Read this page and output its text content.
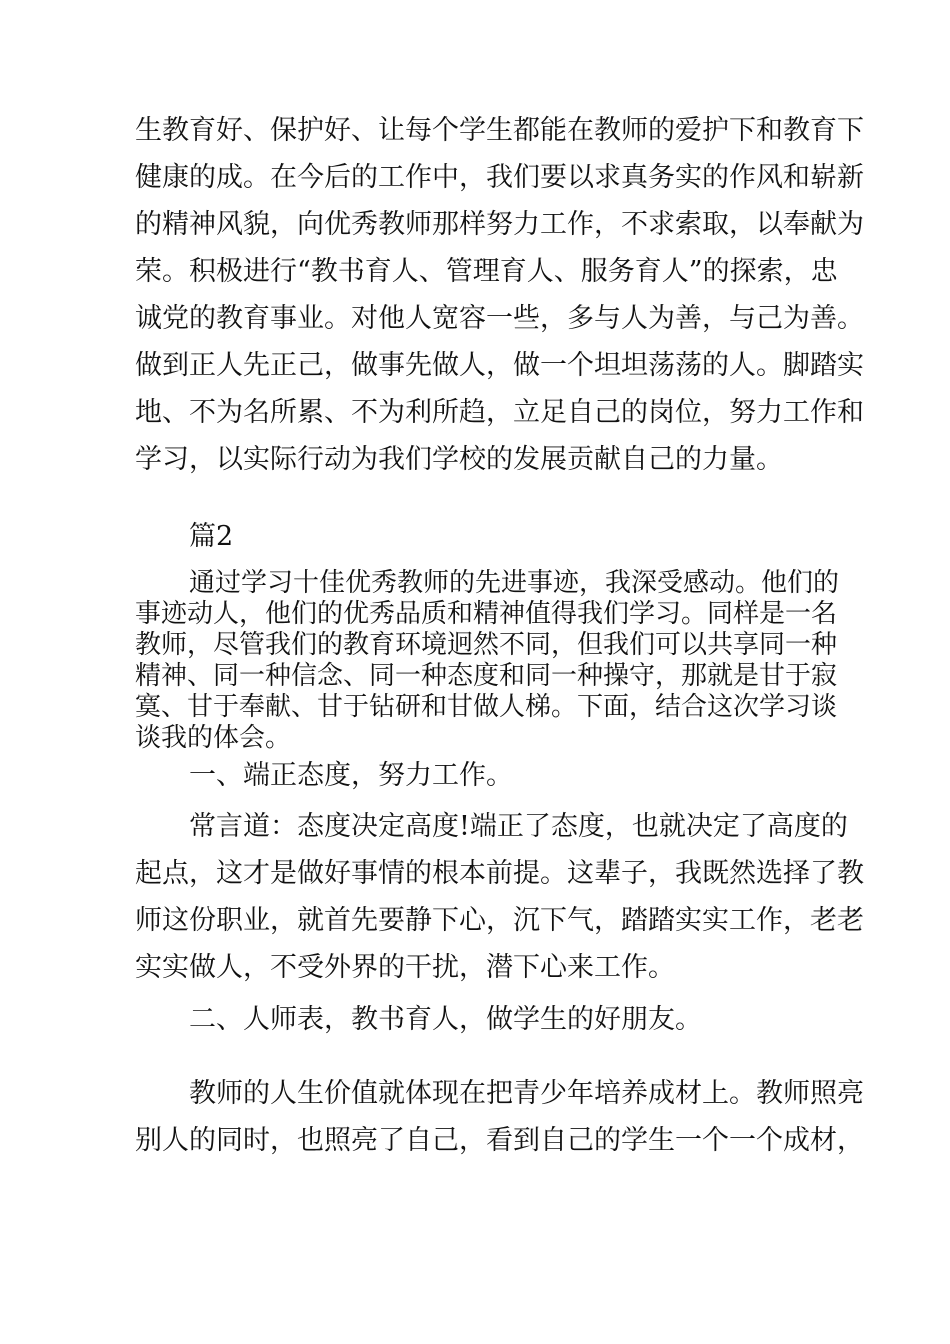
生教育好、保护好、让每个学生都能在教师的爱护下和教育下
健康的成。在今后的工作中，我们要以求真务实的作风和崭新
的精神风貌，向优秀教师那样努力工作，不求索取，以奉献为
荣。积极进行“教书育人、管理育人、服务育人”的探索，忠
诚党的教育事业。对他人宽容一些，多与人为善，与己为善。
做到正人先正己，做事先做人，做一个坦坦荡荡的人。脚踏实
地、不为名所累、不为利所趋，立足自己的岗位，努力工作和
学习，以实际行动为我们学校的发展贡献自己的力量。
篇2
通过学习十佳优秀教师的先进事迹，我深受感动。他们的
事迹动人，他们的优秀品质和精神值得我们学习。同样是一名
教师，尽管我们的教育环境迥然不同，但我们可以共享同一种
精神、同一种信念、同一种态度和同一种操守，那就是甘于寂
寞、甘于奉献、甘于钻研和甘做人梯。下面，结合这次学习谈
谈我的体会。
一、端正态度，努力工作。
常言道：态度决定高度!端正了态度，也就决定了高度的
起点，这才是做好事情的根本前提。这辈子，我既然选择了教
师这份职业，就首先要静下心，沉下气，踏踏实实工作，老老
实实做人，不受外界的干扰，潜下心来工作。
二、人师表，教书育人，做学生的好朋友。
教师的人生价值就体现在把青少年培养成材上。教师照亮
别人的同时，也照亮了自己，看到自己的学生一个一个成材，
